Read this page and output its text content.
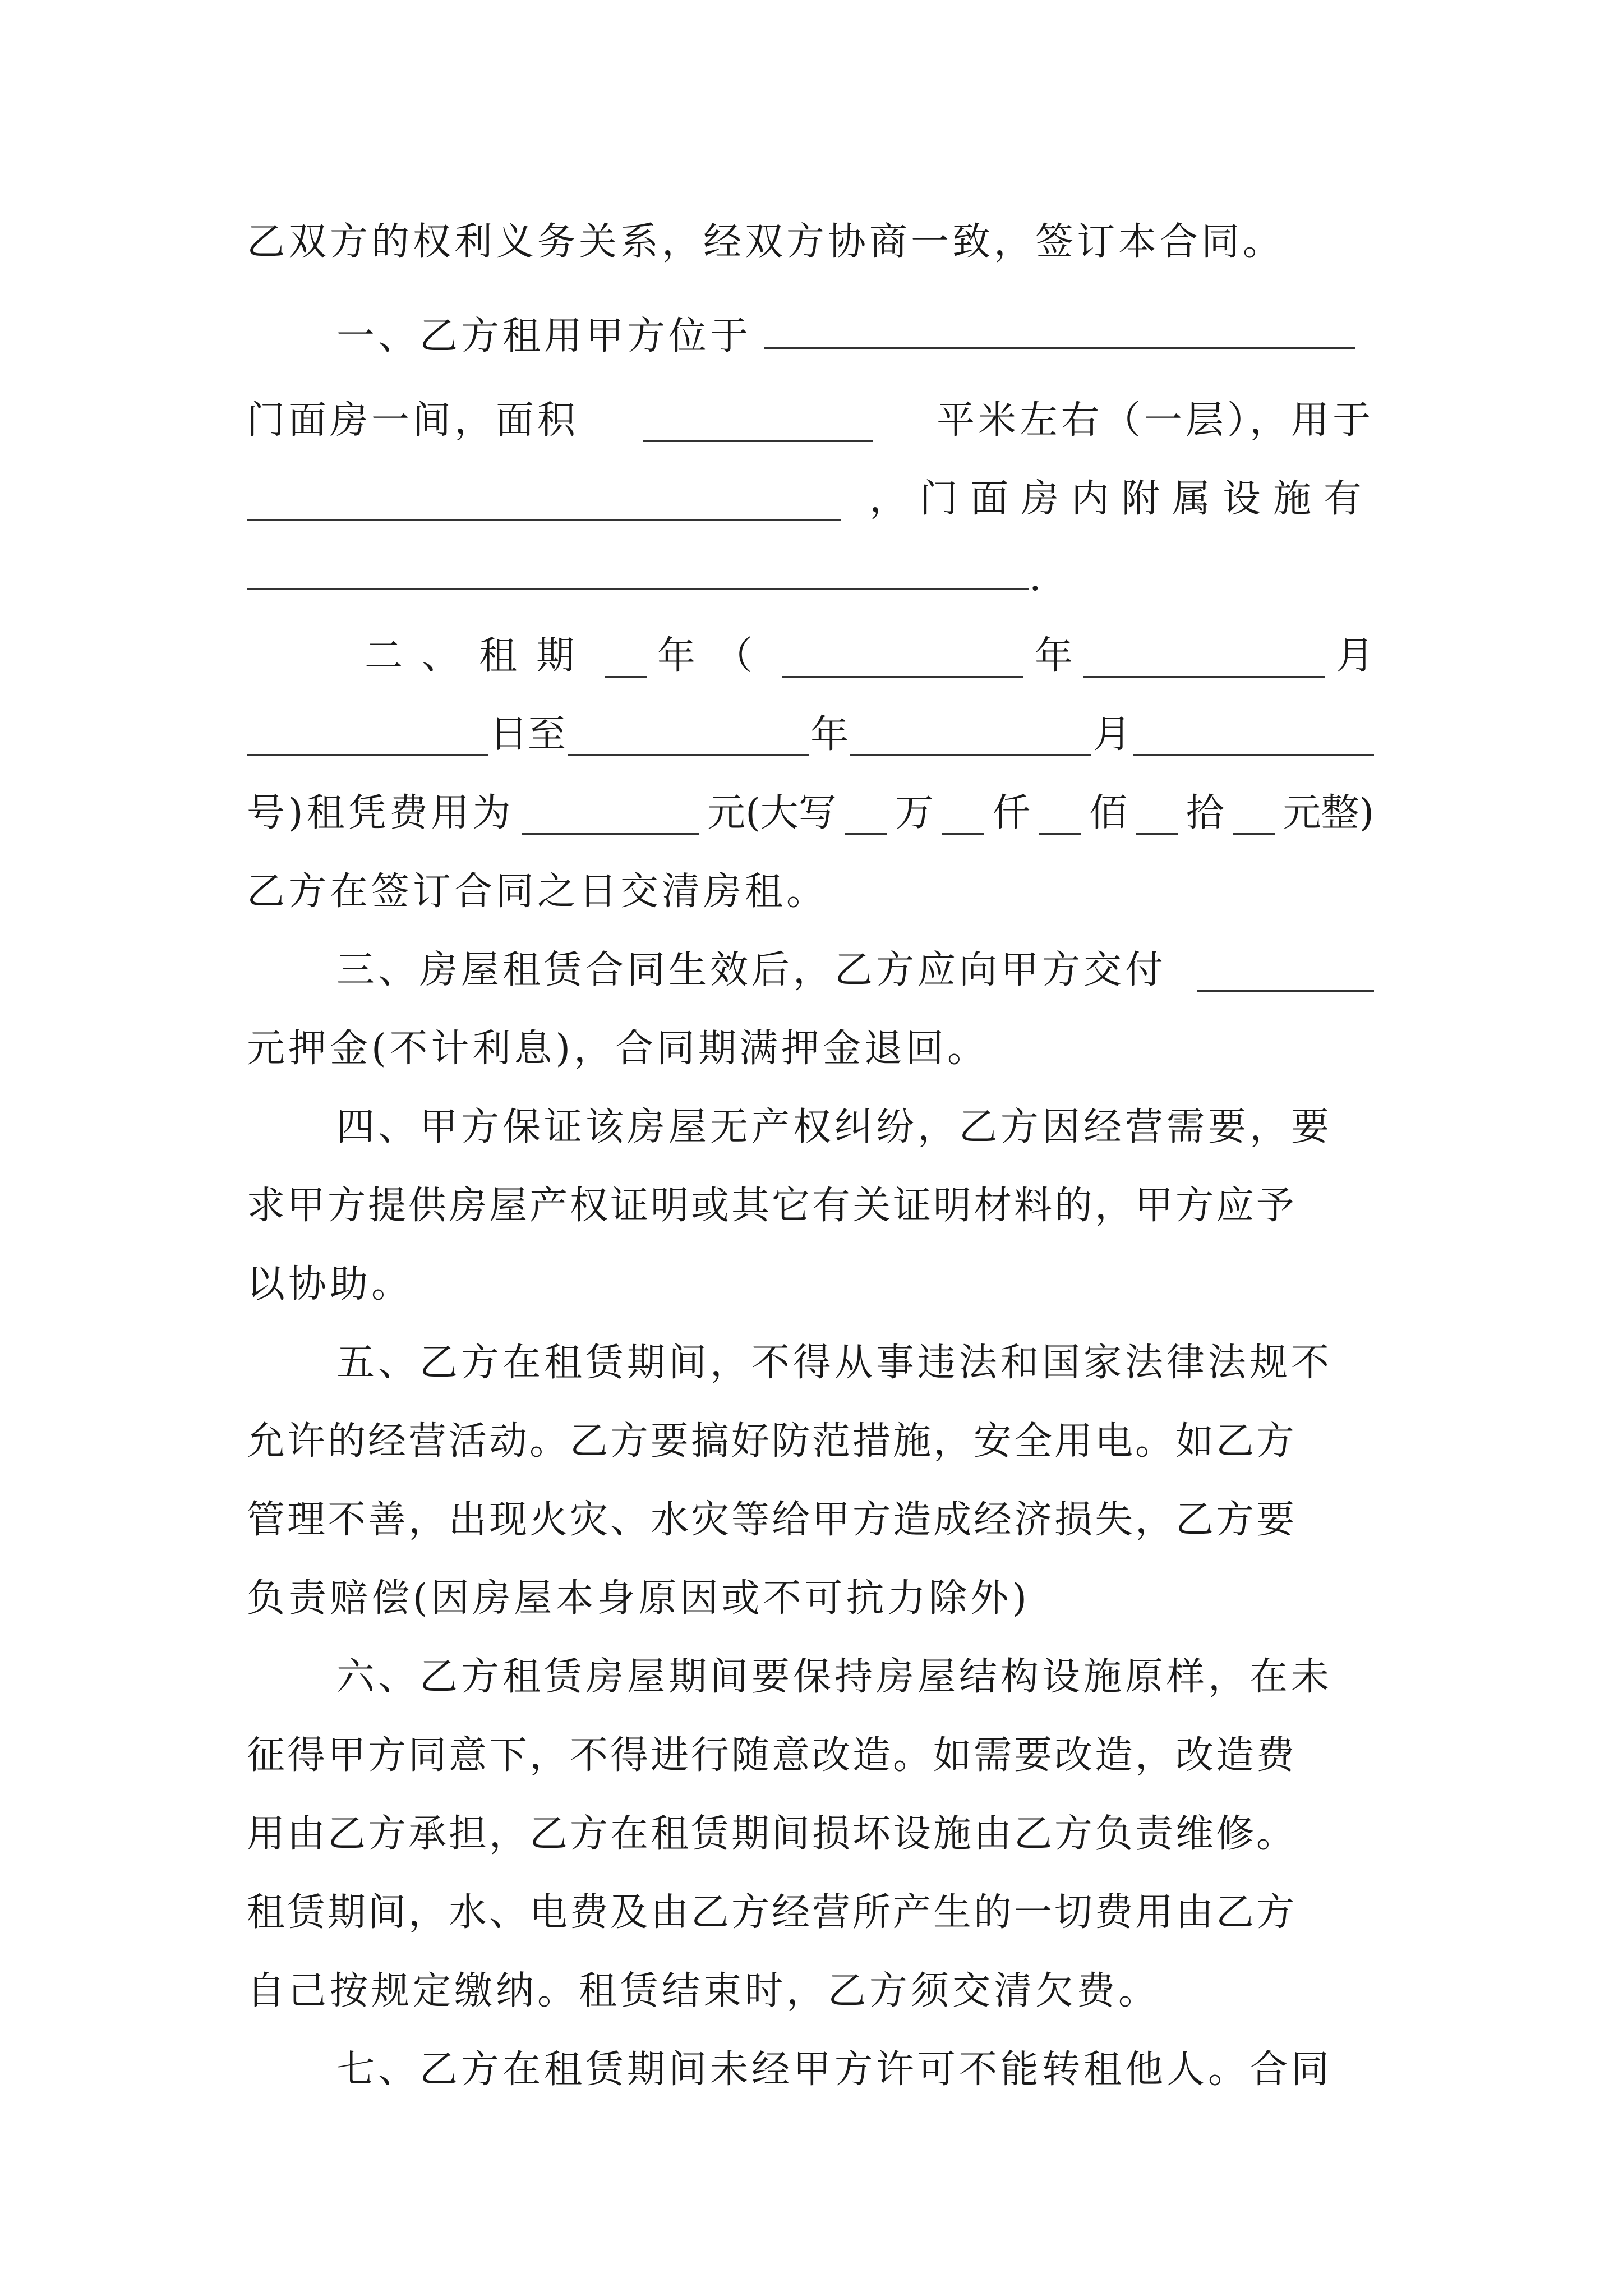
乙双方的权利义务关系，经双方协商一致，签订本合同。
一、乙方租用甲方位于
门面房一间，面积	平米左右（一层），用于
，门面房内附属设施有
.
二、租期 年（	年	月
日至	年	月
号)租凭费用为	元(大写 万 仟 佰 拾 元整)
乙方在签订合同之日交清房租。
三、房屋租赁合同生效后，乙方应向甲方交付
元押金(不计利息)，合同期满押金退回。
四、甲方保证该房屋无产权纠纷，乙方因经营需要，要
求甲方提供房屋产权证明或其它有关证明材料的，甲方应予
以协助。
五、乙方在租赁期间，不得从事违法和国家法律法规不
允许的经营活动。乙方要搞好防范措施，安全用电。如乙方
管理不善，出现火灾、水灾等给甲方造成经济损失，乙方要
负责赔偿(因房屋本身原因或不可抗力除外)
六、乙方租赁房屋期间要保持房屋结构设施原样，在未
征得甲方同意下，不得进行随意改造。如需要改造，改造费
用由乙方承担，乙方在租赁期间损坏设施由乙方负责维修。
租赁期间，水、电费及由乙方经营所产生的一切费用由乙方
自己按规定缴纳。租赁结束时，乙方须交清欠费。
七、乙方在租赁期间未经甲方许可不能转租他人。合同
